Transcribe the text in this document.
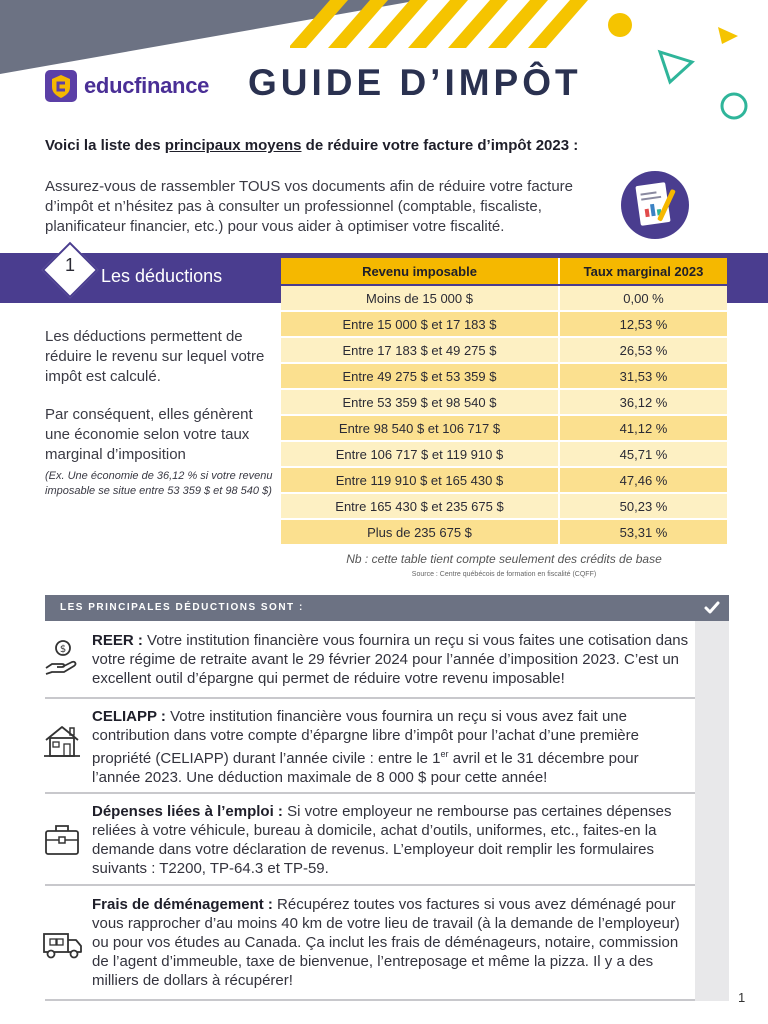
educfinance GUIDE D’IMPÔT
Voici la liste des principaux moyens de réduire votre facture d’impôt 2023 :
Assurez-vous de rassembler TOUS vos documents afin de réduire votre facture d’impôt et n’hésitez pas à consulter un professionnel (comptable, fiscaliste, planificateur financier, etc.) pour vous aider à optimiser votre fiscalité.
1
Les déductions
Les déductions permettent de réduire le revenu sur lequel votre impôt est calculé.
Par conséquent, elles génèrent une économie selon votre taux marginal d’imposition
(Ex. Une économie de 36,12 % si votre revenu imposable se situe entre 53 359 $ et 98 540 $)
Revenu imposable	Taux marginal 2023
Moins de 15 000 $	0,00 %
Entre 15 000 $ et 17 183 $	12,53 %
Entre 17 183 $ et 49 275 $	26,53 %
Entre 49 275 $ et 53 359 $	31,53 %
Entre 53 359 $ et 98 540 $	36,12 %
Entre 98 540 $ et 106 717 $	41,12 %
Entre 106 717 $ et 119 910 $	45,71 %
Entre 119 910 $ et 165 430 $	47,46 %
Entre 165 430 $ et 235 675 $	50,23 %
Plus de 235 675 $	53,31 %
Nb : cette table tient compte seulement des crédits de base
Source : Centre québécois de formation en fiscalité (CQFF)
LES PRINCIPALES DÉDUCTIONS SONT :
$
REER : Votre institution financière vous fournira un reçu si vous faites une cotisation dans votre régime de retraite avant le 29 février 2024 pour l’année d’imposition 2023. C’est un excellent outil d’épargne qui permet de réduire votre revenu imposable!
CELIAPP : Votre institution financière vous fournira un reçu si vous avez fait une contribution dans votre compte d’épargne libre d’impôt pour l’achat d’une première propriété (CELIAPP) durant l’année civile : entre le 1er avril et le 31 décembre pour l’année 2023. Une déduction maximale de 8 000 $ pour cette année!
Dépenses liées à l’emploi : Si votre employeur ne rembourse pas certaines dépenses reliées à votre véhicule, bureau à domicile, achat d’outils, uniformes, etc., faites-en la demande dans votre déclaration de revenus. L’employeur doit remplir les formulaires suivants : T2200, TP-64.3 et TP-59.
Frais de déménagement : Récupérez toutes vos factures si vous avez déménagé pour vous rapprocher d’au moins 40 km de votre lieu de travail (à la demande de l’employeur) ou pour vos études au Canada. Ça inclut les frais de déménageurs, notaire, commission de l’agent d’immeuble, taxe de bienvenue, l’entreposage et même la pizza. Il y a des milliers de dollars à récupérer!
1
